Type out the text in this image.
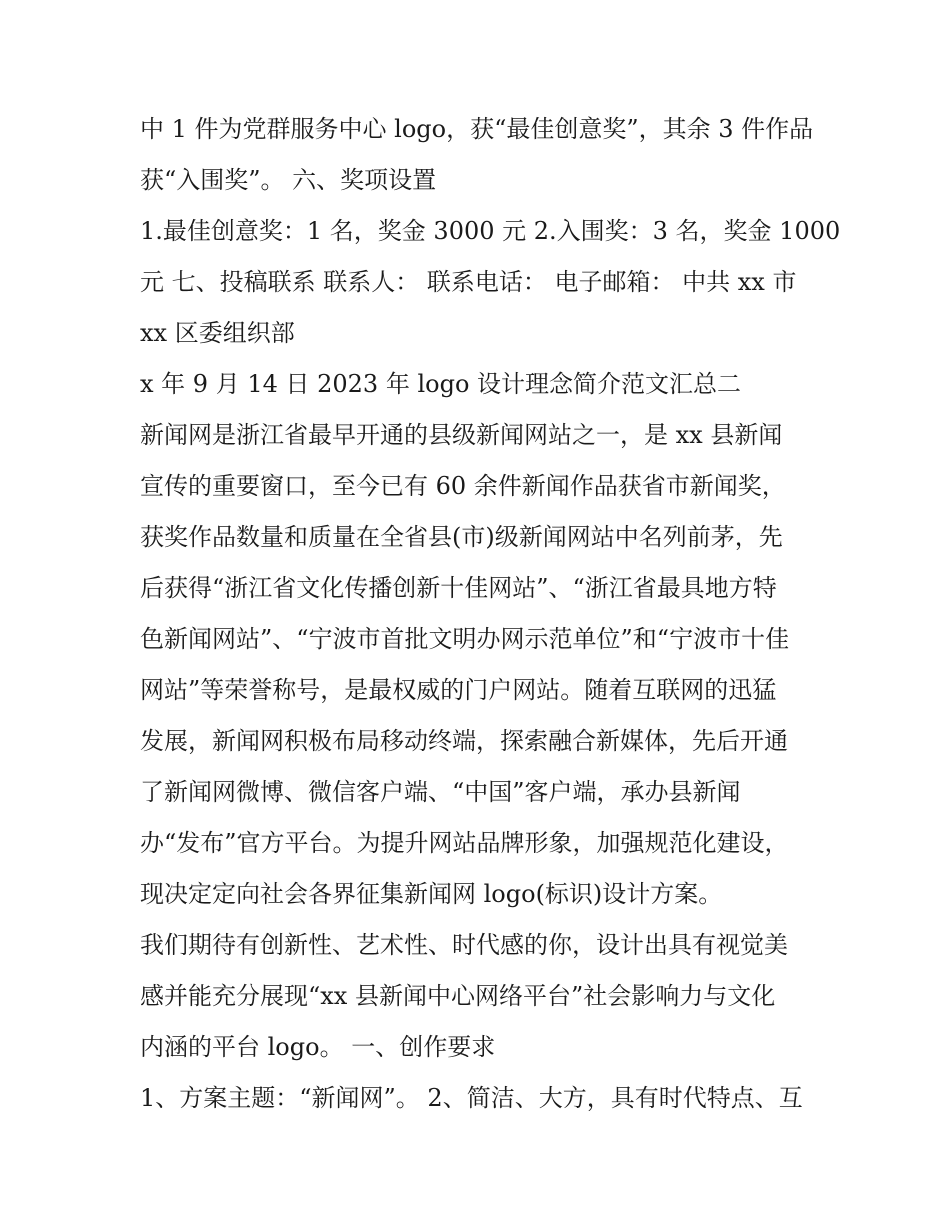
中 1 件为党群服务中心 logo，获“最佳创意奖”，其余 3 件作品
获“入围奖”。 六、奖项设置
1.最佳创意奖：1 名，奖金 3000 元 2.入围奖：3 名，奖金 1000
元 七、投稿联系 联系人： 联系电话： 电子邮箱： 中共 xx 市
xx 区委组织部
x 年 9 月 14 日 2023 年 logo 设计理念简介范文汇总二
新闻网是浙江省最早开通的县级新闻网站之一，是 xx 县新闻
宣传的重要窗口，至今已有 60 余件新闻作品获省市新闻奖，
获奖作品数量和质量在全省县(市)级新闻网站中名列前茅，先
后获得“浙江省文化传播创新十佳网站”、“浙江省最具地方特
色新闻网站”、“宁波市首批文明办网示范单位”和“宁波市十佳
网站”等荣誉称号，是最权威的门户网站。随着互联网的迅猛
发展，新闻网积极布局移动终端，探索融合新媒体，先后开通
了新闻网微博、微信客户端、“中国”客户端，承办县新闻
办“发布”官方平台。为提升网站品牌形象，加强规范化建设，
现决定定向社会各界征集新闻网 logo(标识)设计方案。
我们期待有创新性、艺术性、时代感的你，设计出具有视觉美
感并能充分展现“xx 县新闻中心网络平台”社会影响力与文化
内涵的平台 logo。 一、创作要求
1、方案主题：“新闻网”。 2、简洁、大方，具有时代特点、互
